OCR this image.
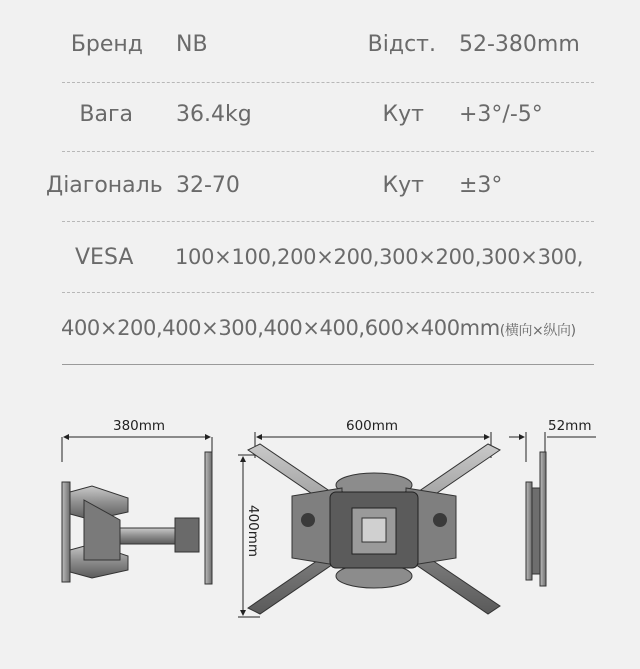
Бренд NB	Відст. 52-380mm
Вага 36.4kg	Кут +3°/-5°
Діагональ 32-70	Кут ±3°
VESA 100×100,200×200,300×200,300×300,
400×200,400×300,400×400,600×400mm(横向×纵向)
380mm	600mm
400mm
52mm
